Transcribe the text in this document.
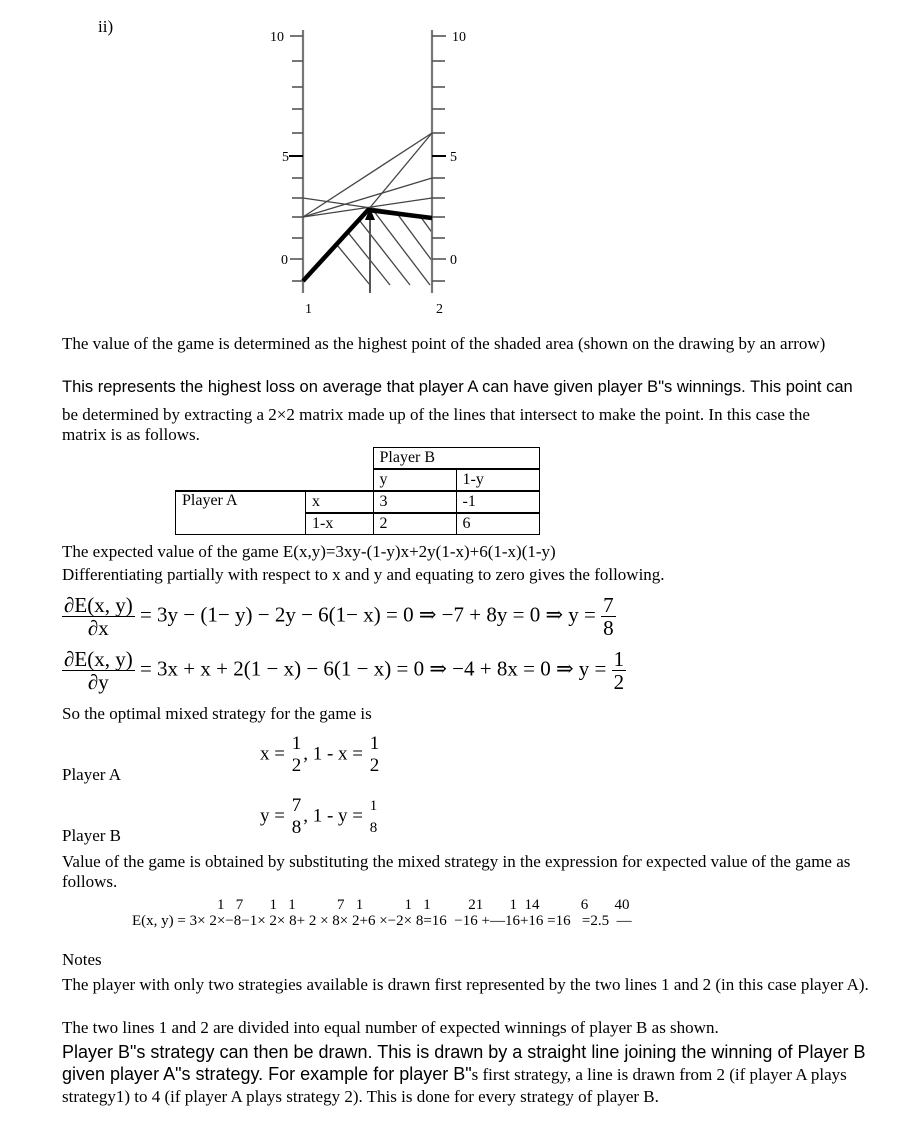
ii)
10
5
0
10
5
0
1	2
The value of the game is determined as the highest point of the shaded area (shown on the drawing by an arrow)
This represents the highest loss on average that player A can have given player B"s winnings. This point can
be determined by extracting a 2×2 matrix made up of the lines that intersect to make the point. In this case the matrix is as follows.
		Player B	
		y	1-y
Player A	x	3	-1
	1-x	2	6
The expected value of the game E(x,y)=3xy-(1-y)x+2y(1-x)+6(1-x)(1-y)
Differentiating partially with respect to x and y and equating to zero gives the following.
$\frac{\partial E(x, y)}{\partial x} = 3y - (1- y) - 2y - 6(1- x) = 0$ ⇒ −7 + 8y = 0 ⇒ $y = \frac{7}{8}$
$\frac{\partial E(x, y)}{\partial y} = 3x + x + 2(1 - x) - 6(1 - x) = 0$ ⇒ −4 + 8x = 0 ⇒ $y = \frac{1}{2}$
So the optimal mixed strategy for the game is
x = 1
2
, 1 - x = 1
2
Player A
y = 7
8
, 1 - y = 1
8
Player B
Value of the game is obtained by substituting the mixed strategy in the expression for expected value of the game as follows.
1   7       1   1           7   1           1   1          21       1  14           6       40
E(x, y) = 3× 2×−8−1× 2× 8+ 2 × 8× 2+6 ×−2× 8=16  −16 +—16+16 =16   =2.5  —
Notes
The player with only two strategies available is drawn first represented by the two lines 1 and 2 (in this case player A).
The two lines 1 and 2 are divided into equal number of expected winnings of player B as shown.
Player B"s strategy can then be drawn. This is drawn by a straight line joining the winning of Player B given player A"s strategy. For example for player B"s first strategy, a line is drawn from 2 (if player A plays strategy1) to 4 (if player A plays strategy 2). This is done for every strategy of player B.
